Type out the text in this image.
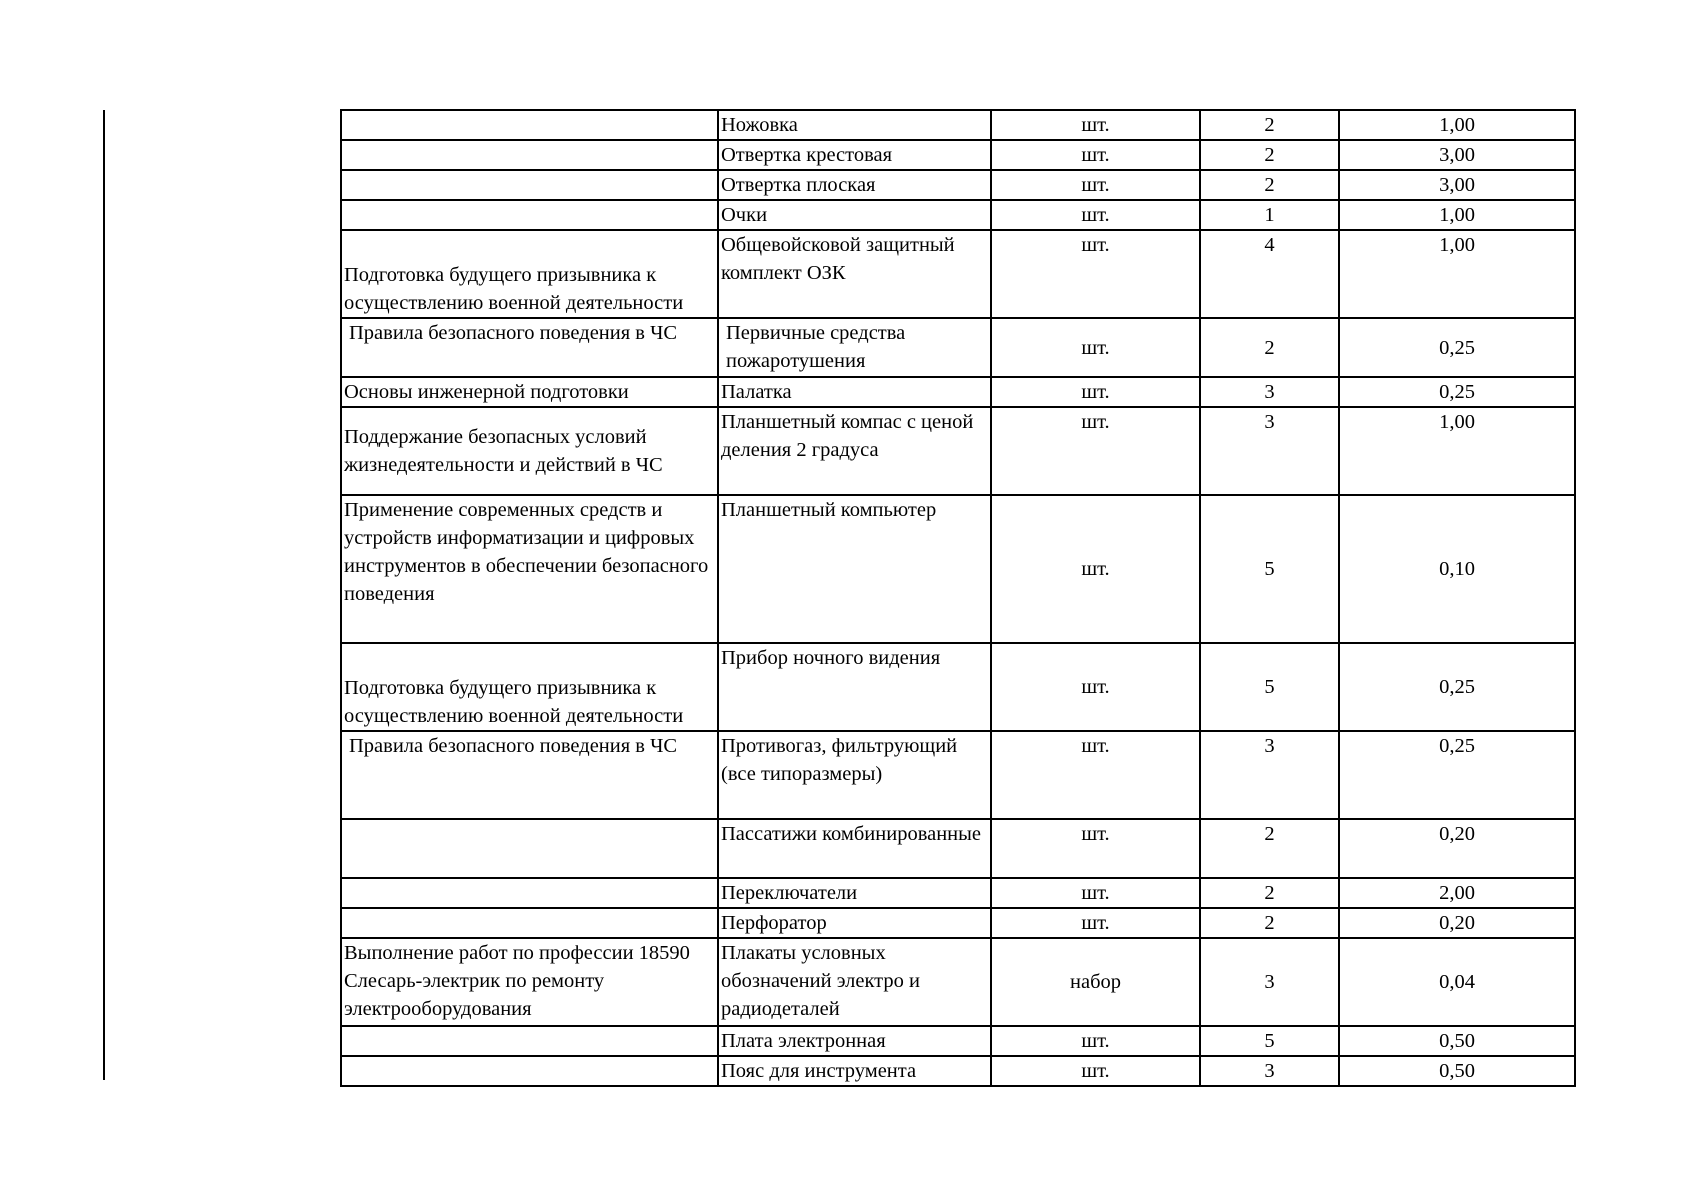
	Ножовка	шт.	2	1,00
	Отвертка крестовая	шт.	2	3,00
	Отвертка плоская	шт.	2	3,00
	Очки	шт.	1	1,00
Подготовка будущего призывника к осуществлению военной деятельности	Общевойсковой защитный комплект ОЗК	шт.	4	1,00
Правила безопасного поведения в ЧС	Первичные средства пожаротушения	шт.	2	0,25
Основы инженерной подготовки	Палатка	шт.	3	0,25
Поддержание безопасных условий жизнедеятельности и действий в ЧС	Планшетный компас с ценой деления 2 градуса	шт.	3	1,00
Применение современных средств и устройств информатизации и цифровых инструментов в обеспечении безопасного поведения	Планшетный компьютер	шт.	5	0,10
Подготовка будущего призывника к осуществлению военной деятельности	Прибор ночного видения	шт.	5	0,25
Правила безопасного поведения в ЧС	Противогаз, фильтрующий (все типоразмеры)	шт.	3	0,25
	Пассатижи комбинированные	шт.	2	0,20
	Переключатели	шт.	2	2,00
	Перфоратор	шт.	2	0,20
Выполнение работ по профессии 18590 Слесарь-электрик по ремонту электрооборудования	Плакаты условных обозначений электро и радиодеталей	набор	3	0,04
	Плата электронная	шт.	5	0,50
	Пояс для инструмента	шт.	3	0,50
